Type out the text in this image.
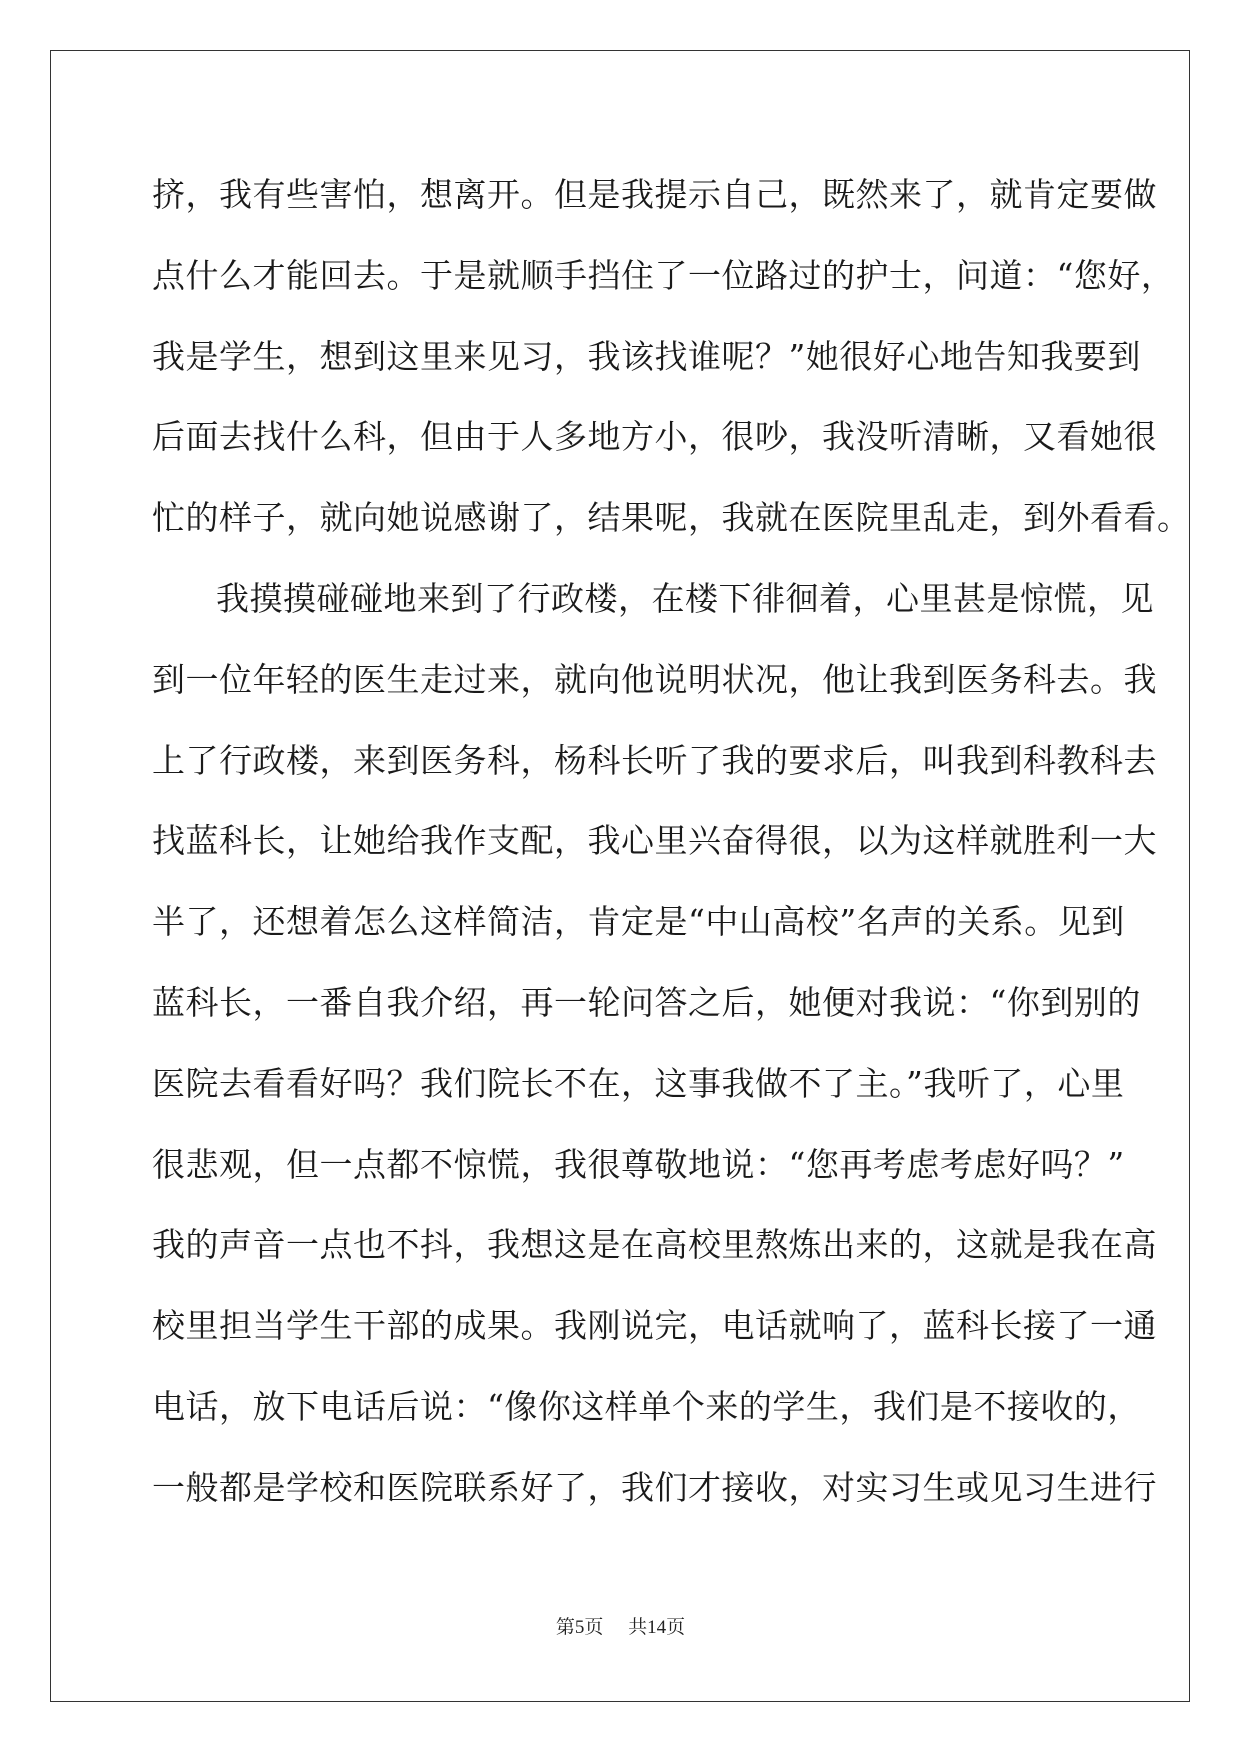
挤，我有些害怕，想离开。但是我提示自己，既然来了，就肯定要做
点什么才能回去。于是就顺手挡住了一位路过的护士，问道：“您好，
我是学生，想到这里来见习，我该找谁呢？”她很好心地告知我要到
后面去找什么科，但由于人多地方小，很吵，我没听清晰，又看她很
忙的样子，就向她说感谢了，结果呢，我就在医院里乱走，到外看看。
我摸摸碰碰地来到了行政楼，在楼下徘徊着，心里甚是惊慌，见
到一位年轻的医生走过来，就向他说明状况，他让我到医务科去。我
上了行政楼，来到医务科，杨科长听了我的要求后，叫我到科教科去
找蓝科长，让她给我作支配，我心里兴奋得很，以为这样就胜利一大
半了，还想着怎么这样简洁，肯定是“中山高校”名声的关系。见到
蓝科长，一番自我介绍，再一轮问答之后，她便对我说：“你到别的
医院去看看好吗？我们院长不在，这事我做不了主。”我听了，心里
很悲观，但一点都不惊慌，我很尊敬地说：“您再考虑考虑好吗？”
我的声音一点也不抖，我想这是在高校里熬炼出来的，这就是我在高
校里担当学生干部的成果。我刚说完，电话就响了，蓝科长接了一通
电话，放下电话后说：“像你这样单个来的学生，我们是不接收的，
一般都是学校和医院联系好了，我们才接收，对实习生或见习生进行
第5页 共14页
